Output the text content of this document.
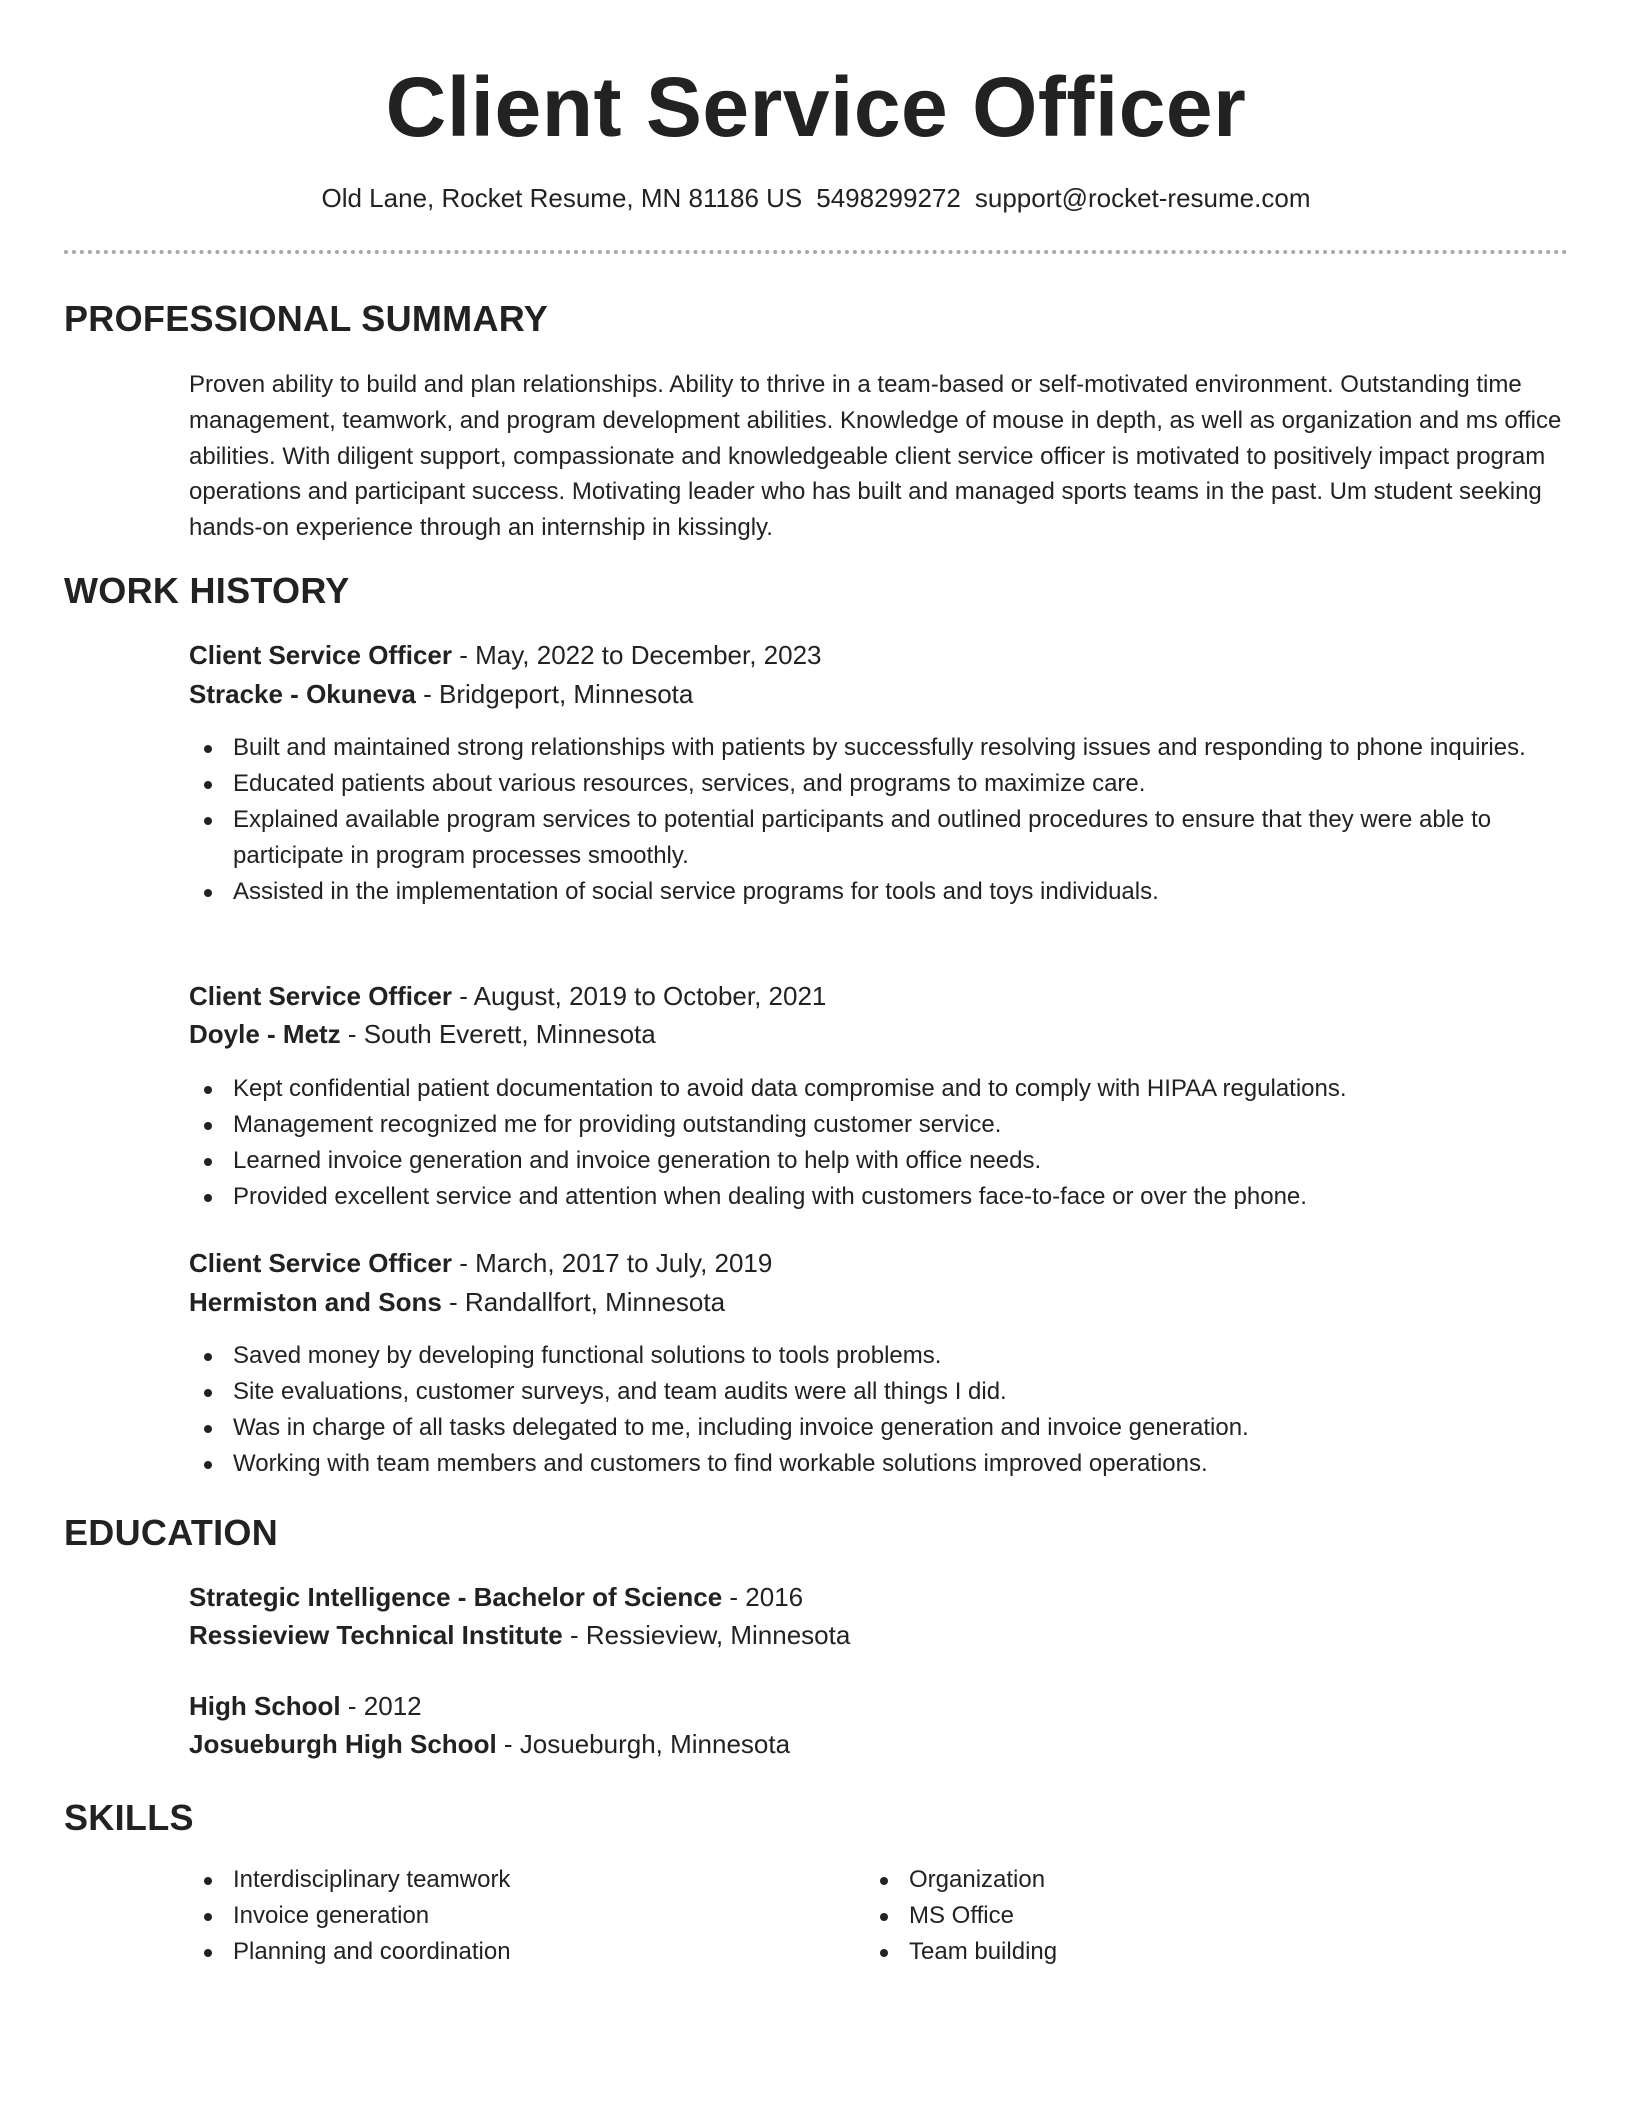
Client Service Officer
Old Lane, Rocket Resume, MN 81186 US 5498299272 support@rocket-resume.com
PROFESSIONAL SUMMARY
Proven ability to build and plan relationships. Ability to thrive in a team-based or self-motivated environment. Outstanding time management, teamwork, and program development abilities. Knowledge of mouse in depth, as well as organization and ms office abilities. With diligent support, compassionate and knowledgeable client service officer is motivated to positively impact program operations and participant success. Motivating leader who has built and managed sports teams in the past. Um student seeking hands-on experience through an internship in kissingly.
WORK HISTORY
Client Service Officer - May, 2022 to December, 2023
Stracke - Okuneva - Bridgeport, Minnesota
Built and maintained strong relationships with patients by successfully resolving issues and responding to phone inquiries.
Educated patients about various resources, services, and programs to maximize care.
Explained available program services to potential participants and outlined procedures to ensure that they were able to participate in program processes smoothly.
Assisted in the implementation of social service programs for tools and toys individuals.
Client Service Officer - August, 2019 to October, 2021
Doyle - Metz - South Everett, Minnesota
Kept confidential patient documentation to avoid data compromise and to comply with HIPAA regulations.
Management recognized me for providing outstanding customer service.
Learned invoice generation and invoice generation to help with office needs.
Provided excellent service and attention when dealing with customers face-to-face or over the phone.
Client Service Officer - March, 2017 to July, 2019
Hermiston and Sons - Randallfort, Minnesota
Saved money by developing functional solutions to tools problems.
Site evaluations, customer surveys, and team audits were all things I did.
Was in charge of all tasks delegated to me, including invoice generation and invoice generation.
Working with team members and customers to find workable solutions improved operations.
EDUCATION
Strategic Intelligence - Bachelor of Science - 2016
Ressieview Technical Institute - Ressieview, Minnesota
High School - 2012
Josueburgh High School - Josueburgh, Minnesota
SKILLS
Interdisciplinary teamwork
Invoice generation
Planning and coordination
Organization
MS Office
Team building
